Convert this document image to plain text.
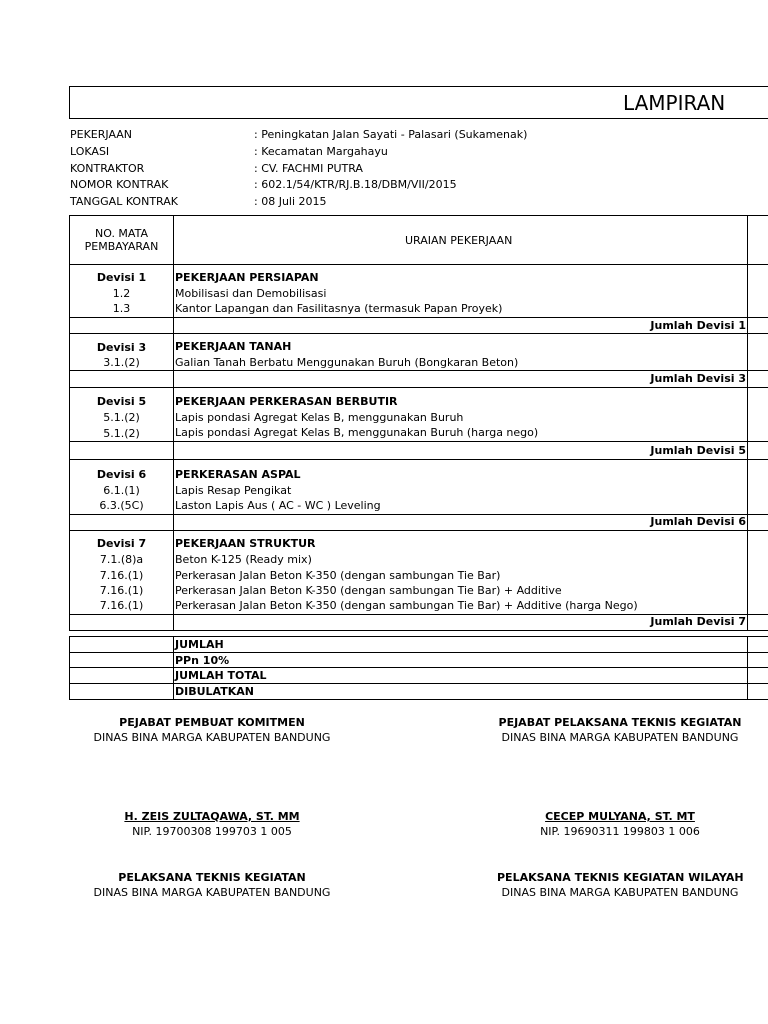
LAMPIRAN
PEKERJAAN	: Peningkatan Jalan Sayati - Palasari (Sukamenak)
LOKASI	: Kecamatan Margahayu
KONTRAKTOR	: CV. FACHMI PUTRA
NOMOR KONTRAK	: 602.1/54/KTR/RJ.B.18/DBM/VII/2015
TANGGAL KONTRAK	: 08 Juli 2015
NO. MATA
PEMBAYARAN	URAIAN PEKERJAAN
Devisi 1	PEKERJAAN PERSIAPAN
1.2	Mobilisasi dan Demobilisasi
1.3	Kantor Lapangan dan Fasilitasnya (termasuk Papan Proyek)
Jumlah Devisi 1
Devisi 3	PEKERJAAN TANAH
3.1.(2)	Galian Tanah Berbatu Menggunakan Buruh (Bongkaran Beton)
Jumlah Devisi 3
Devisi 5	PEKERJAAN PERKERASAN BERBUTIR
5.1.(2)	Lapis pondasi Agregat Kelas B, menggunakan Buruh
5.1.(2)	Lapis pondasi Agregat Kelas B, menggunakan Buruh (harga nego)
Jumlah Devisi 5
Devisi 6	PERKERASAN ASPAL
6.1.(1)	Lapis Resap Pengikat
6.3.(5C)	Laston Lapis Aus ( AC - WC ) Leveling
Jumlah Devisi 6
Devisi 7	PEKERJAAN STRUKTUR
7.1.(8)a	Beton K-125 (Ready mix)
7.16.(1)	Perkerasan Jalan Beton K-350 (dengan sambungan Tie Bar)
7.16.(1)	Perkerasan Jalan Beton K-350 (dengan sambungan Tie Bar) + Additive
7.16.(1)	Perkerasan Jalan Beton K-350 (dengan sambungan Tie Bar) + Additive (harga Nego)
Jumlah Devisi 7
JUMLAH
PPn 10%
JUMLAH TOTAL
DIBULATKAN
PEJABAT PEMBUAT KOMITMEN
DINAS BINA MARGA KABUPATEN BANDUNG
H. ZEIS ZULTAQAWA, ST. MM
NIP. 19700308 199703 1 005
PEJABAT PELAKSANA TEKNIS KEGIATAN
DINAS BINA MARGA KABUPATEN BANDUNG
CECEP MULYANA, ST. MT
NIP. 19690311 199803 1 006
PELAKSANA TEKNIS KEGIATAN
DINAS BINA MARGA KABUPATEN BANDUNG
PELAKSANA TEKNIS KEGIATAN WILAYAH
DINAS BINA MARGA KABUPATEN BANDUNG
